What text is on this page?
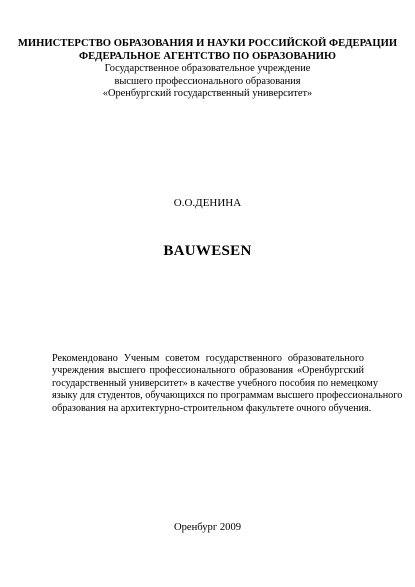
МИНИСТЕРСТВО ОБРАЗОВАНИЯ И НАУКИ РОССИЙСКОЙ ФЕДЕРАЦИИ
ФЕДЕРАЛЬНОЕ АГЕНТСТВО ПО ОБРАЗОВАНИЮ
Государственное образовательное учреждение
высшего профессионального образования
«Оренбургский государственный университет»
О.О.ДЕНИНА
BAUWESEN
Рекомендовано Ученым советом государственного образовательного
учреждения высшего профессионального образования «Оренбургский
государственный университет» в качестве учебного пособия по немецкому
языку для студентов, обучающихся по программам высшего профессионального
образования на архитектурно-строительном факультете очного обучения.
Оренбург 2009
